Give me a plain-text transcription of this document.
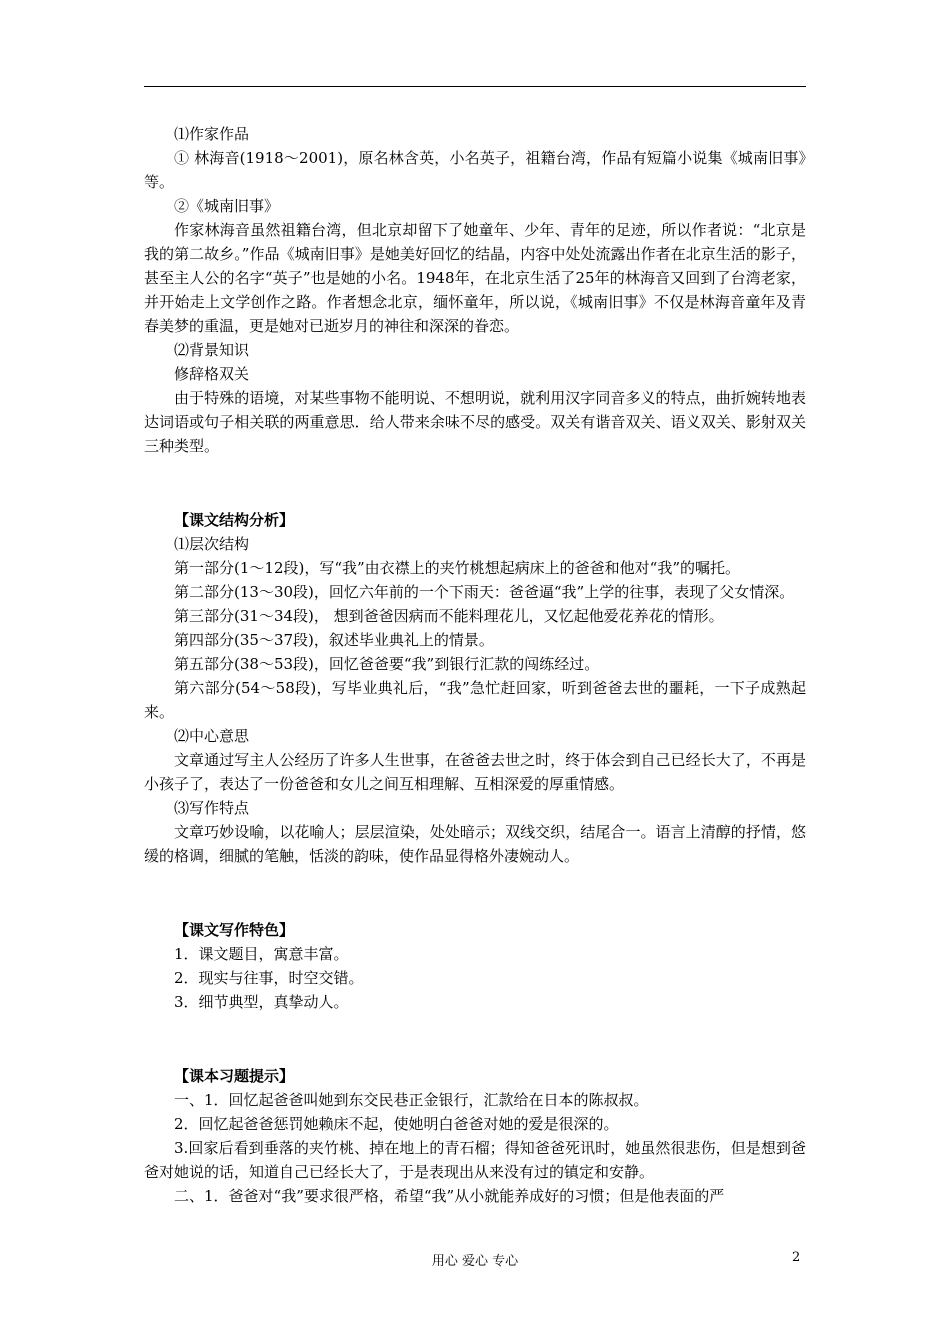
⑴作家作品

① 林海音(1918～2001)，原名林含英，小名英子，祖籍台湾，作品有短篇小说集《城南旧事》等。

②《城南旧事》

作家林海音虽然祖籍台湾，但北京却留下了她童年、少年、青年的足迹，所以作者说：“北京是我的第二故乡。”作品《城南旧事》是她美好回忆的结晶，内容中处处流露出作者在北京生活的影子，甚至主人公的名字“英子”也是她的小名。1948年，在北京生活了25年的林海音又回到了台湾老家，并开始走上文学创作之路。作者想念北京，缅怀童年，所以说，《城南旧事》不仅是林海音童年及青春美梦的重温，更是她对已逝岁月的神往和深深的眷恋。

⑵背景知识

修辞格双关

由于特殊的语境，对某些事物不能明说、不想明说，就利用汉字同音多义的特点，曲折婉转地表达词语或句子相关联的两重意思．给人带来余味不尽的感受。双关有谐音双关、语义双关、影射双关三种类型。

【课文结构分析】

⑴层次结构

第一部分(1～12段)，写“我”由衣襟上的夹竹桃想起病床上的爸爸和他对“我”的嘱托。

第二部分(13～30段)，回忆六年前的一个下雨天：爸爸逼“我”上学的往事，表现了父女情深。

第三部分(31～34段)， 想到爸爸因病而不能料理花儿，又忆起他爱花养花的情形。

第四部分(35～37段)，叙述毕业典礼上的情景。

第五部分(38～53段)，回忆爸爸要“我”到银行汇款的闯练经过。

第六部分(54～58段)，写毕业典礼后，“我”急忙赶回家，听到爸爸去世的噩耗，一下子成熟起来。

⑵中心意思

文章通过写主人公经历了许多人生世事，在爸爸去世之时，终于体会到自己已经长大了，不再是小孩子了，表达了一份爸爸和女儿之间互相理解、互相深爱的厚重情感。

⑶写作特点

文章巧妙设喻，以花喻人；层层渲染，处处暗示；双线交织，结尾合一。语言上清醇的抒情，悠缓的格调，细腻的笔触，恬淡的韵味，使作品显得格外凄婉动人。

【课文写作特色】

1．课文题目，寓意丰富。

2．现实与往事，时空交错。

3．细节典型，真挚动人。

【课本习题提示】

一、1．回忆起爸爸叫她到东交民巷正金银行，汇款给在日本的陈叔叔。

2．回忆起爸爸惩罚她赖床不起，使她明白爸爸对她的爱是很深的。

3.回家后看到垂落的夹竹桃、掉在地上的青石榴；得知爸爸死讯时，她虽然很悲伤，但是想到爸爸对她说的话，知道自己已经长大了，于是表现出从来没有过的镇定和安静。

二、1．爸爸对“我”要求很严格，希望“我”从小就能养成好的习惯；但是他表面的严

用心 爱心 专心	2
